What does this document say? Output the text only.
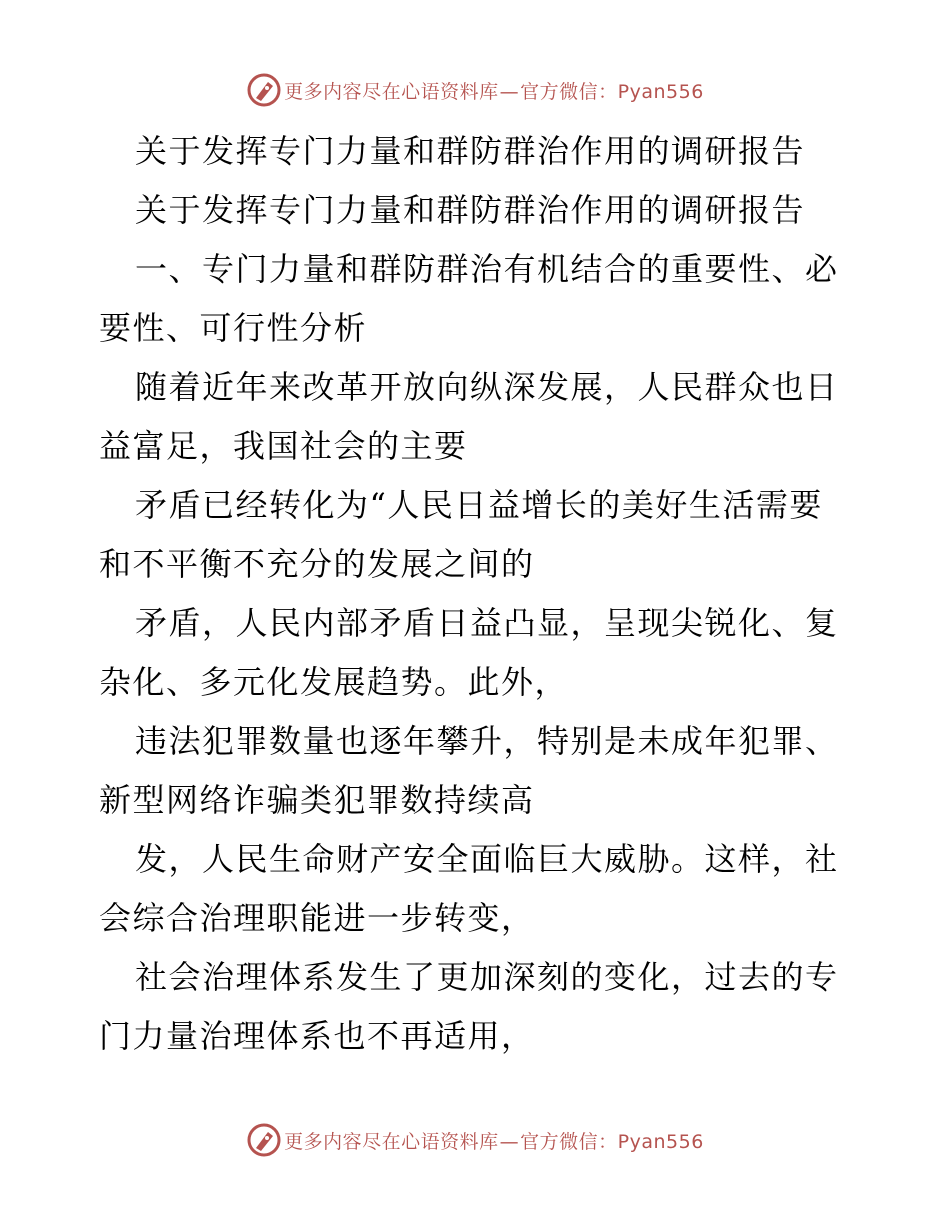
更多内容尽在心语资料库—官方微信：Pyan556
关于发挥专门力量和群防群治作用的调研报告
关于发挥专门力量和群防群治作用的调研报告
一、专门力量和群防群治有机结合的重要性、必
要性、可行性分析
随着近年来改革开放向纵深发展，人民群众也日
益富足，我国社会的主要
矛盾已经转化为“人民日益增长的美好生活需要
和不平衡不充分的发展之间的
矛盾，人民内部矛盾日益凸显，呈现尖锐化、复
杂化、多元化发展趋势。此外，
违法犯罪数量也逐年攀升，特别是未成年犯罪、
新型网络诈骗类犯罪数持续高
发，人民生命财产安全面临巨大威胁。这样，社
会综合治理职能进一步转变，
社会治理体系发生了更加深刻的变化，过去的专
门力量治理体系也不再适用，
更多内容尽在心语资料库—官方微信：Pyan556
